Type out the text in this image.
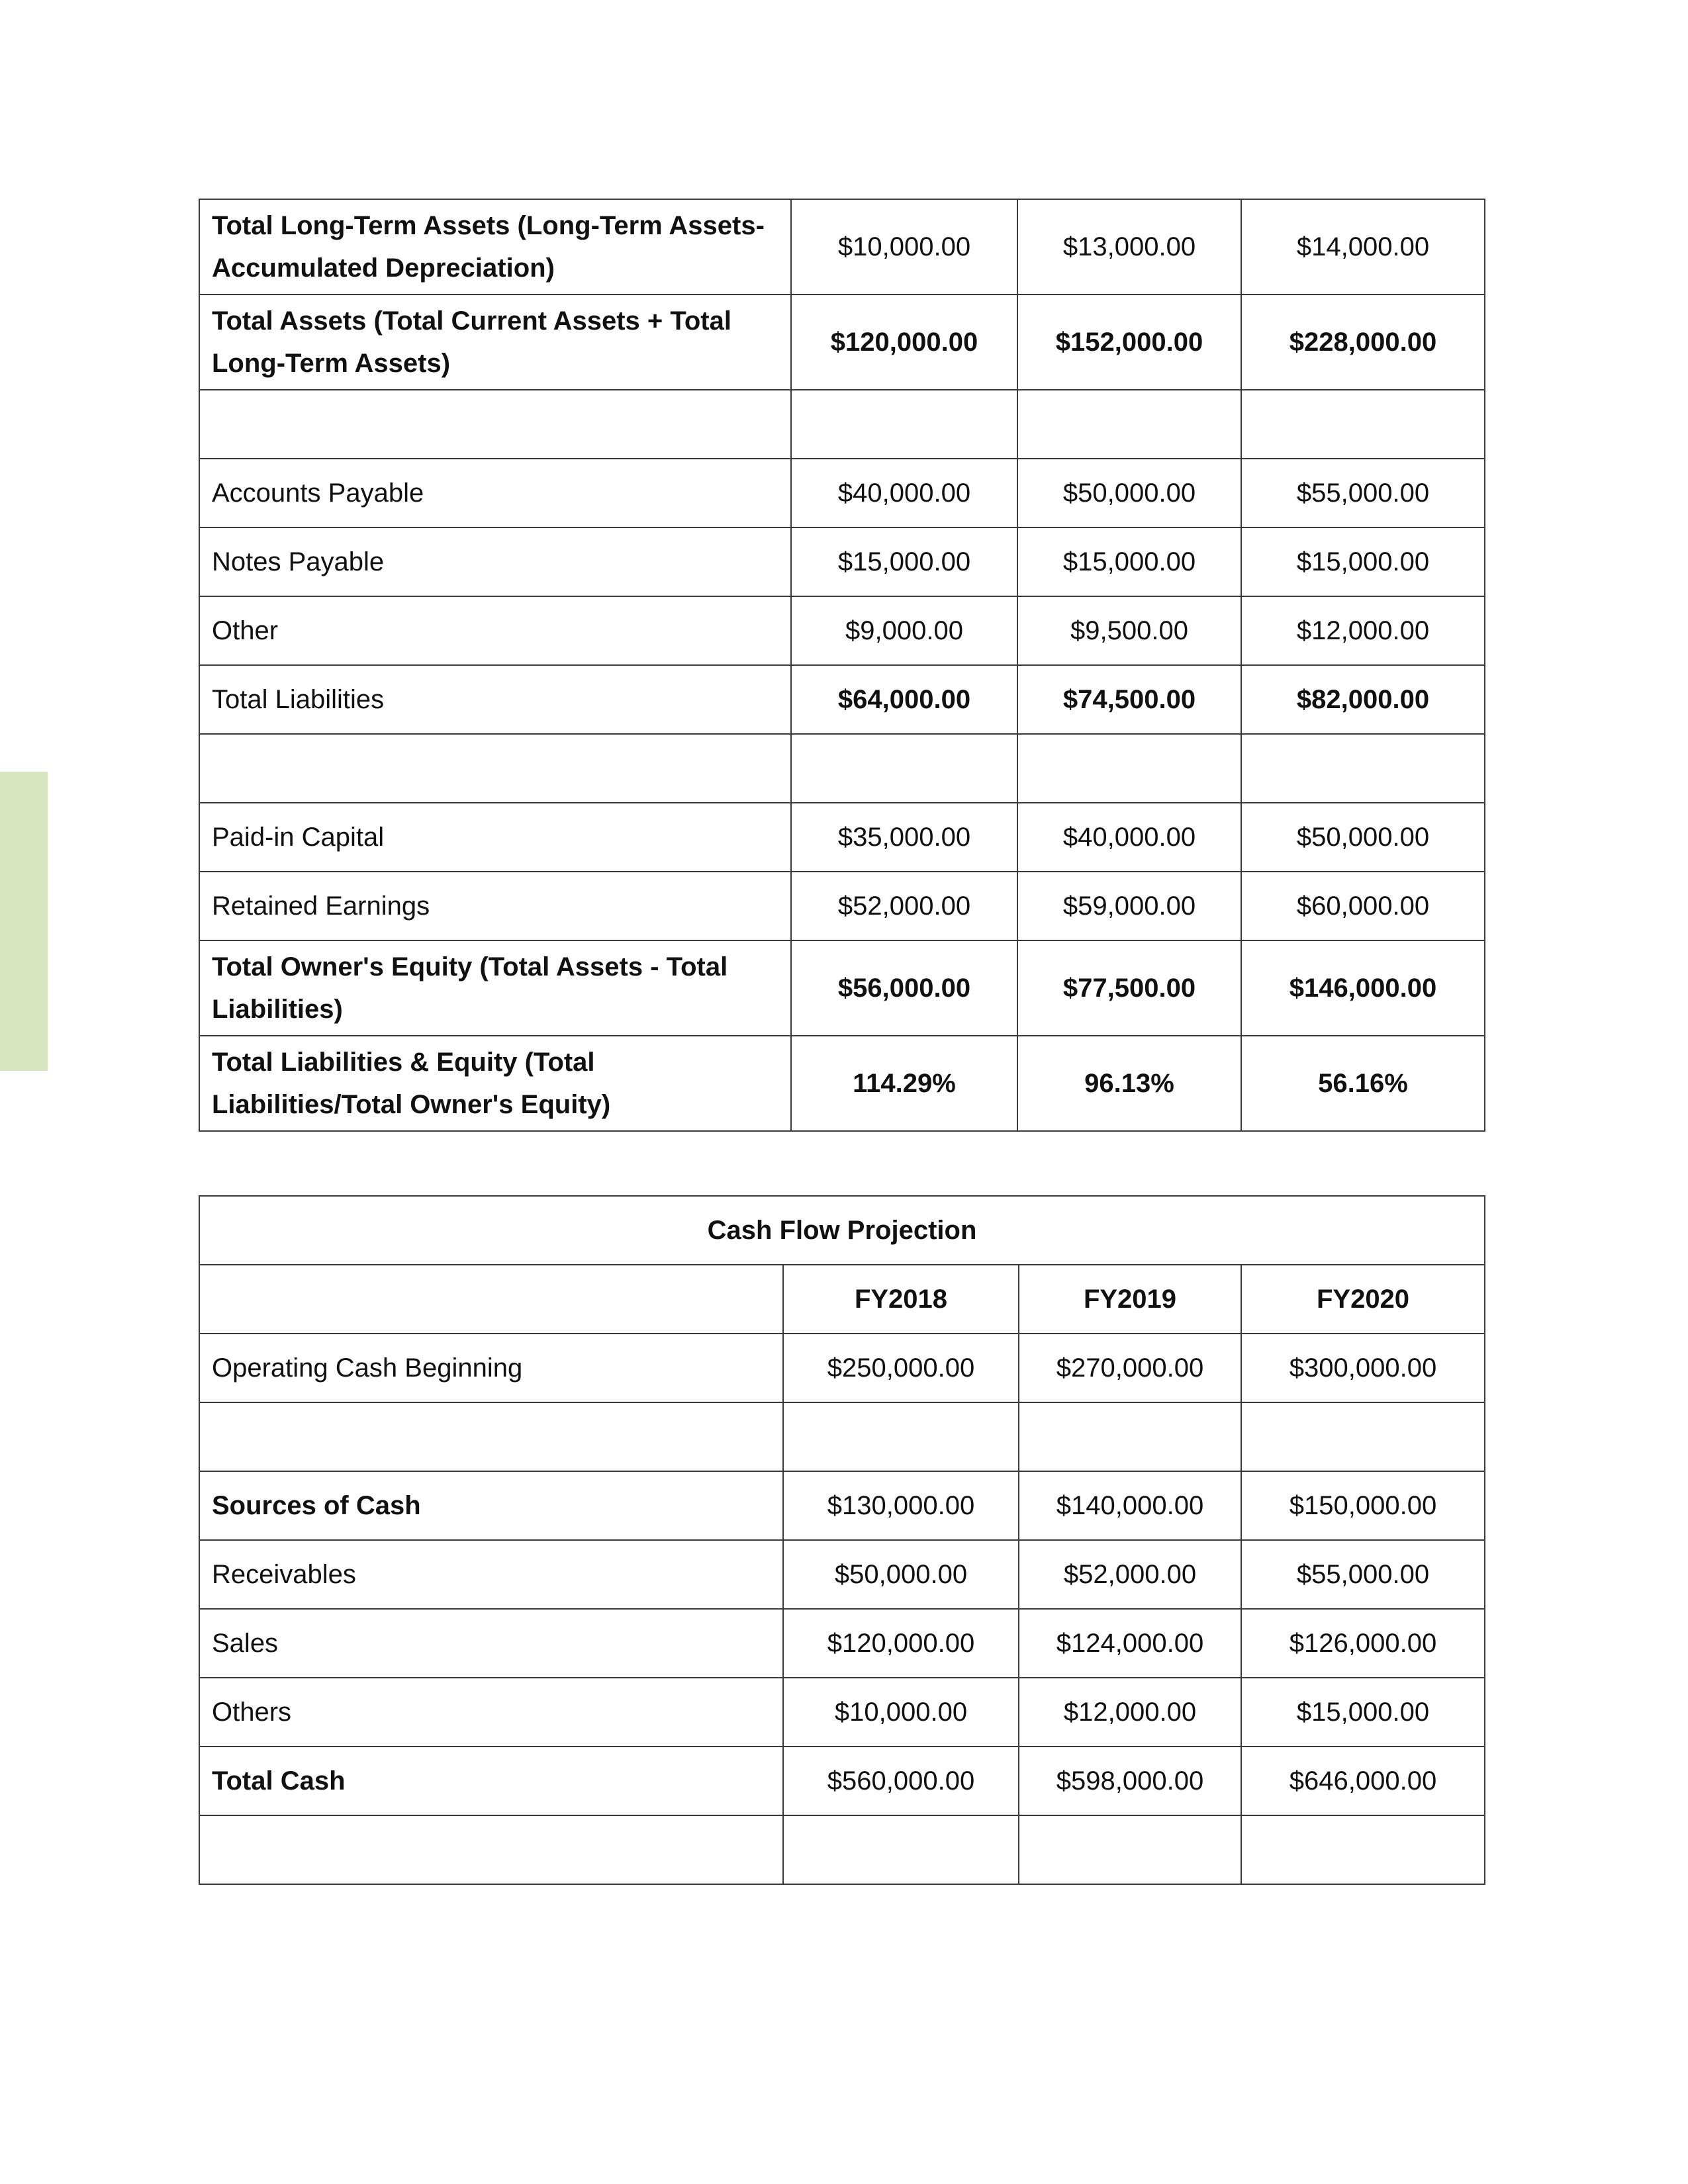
Total Long-Term Assets (Long-Term Assets-Accumulated Depreciation)	$10,000.00	$13,000.00	$14,000.00
Total Assets (Total Current Assets + Total Long-Term Assets)	$120,000.00	$152,000.00	$228,000.00

Accounts Payable	$40,000.00	$50,000.00	$55,000.00
Notes Payable	$15,000.00	$15,000.00	$15,000.00
Other	$9,000.00	$9,500.00	$12,000.00
Total Liabilities	$64,000.00	$74,500.00	$82,000.00

Paid-in Capital	$35,000.00	$40,000.00	$50,000.00
Retained Earnings	$52,000.00	$59,000.00	$60,000.00
Total Owner's Equity (Total Assets - Total Liabilities)	$56,000.00	$77,500.00	$146,000.00
Total Liabilities & Equity (Total Liabilities/Total Owner's Equity)	114.29%	96.13%	56.16%
Cash Flow Projection			
	FY2018	FY2019	FY2020
Operating Cash Beginning	$250,000.00	$270,000.00	$300,000.00

Sources of Cash	$130,000.00	$140,000.00	$150,000.00
Receivables	$50,000.00	$52,000.00	$55,000.00
Sales	$120,000.00	$124,000.00	$126,000.00
Others	$10,000.00	$12,000.00	$15,000.00
Total Cash	$560,000.00	$598,000.00	$646,000.00
